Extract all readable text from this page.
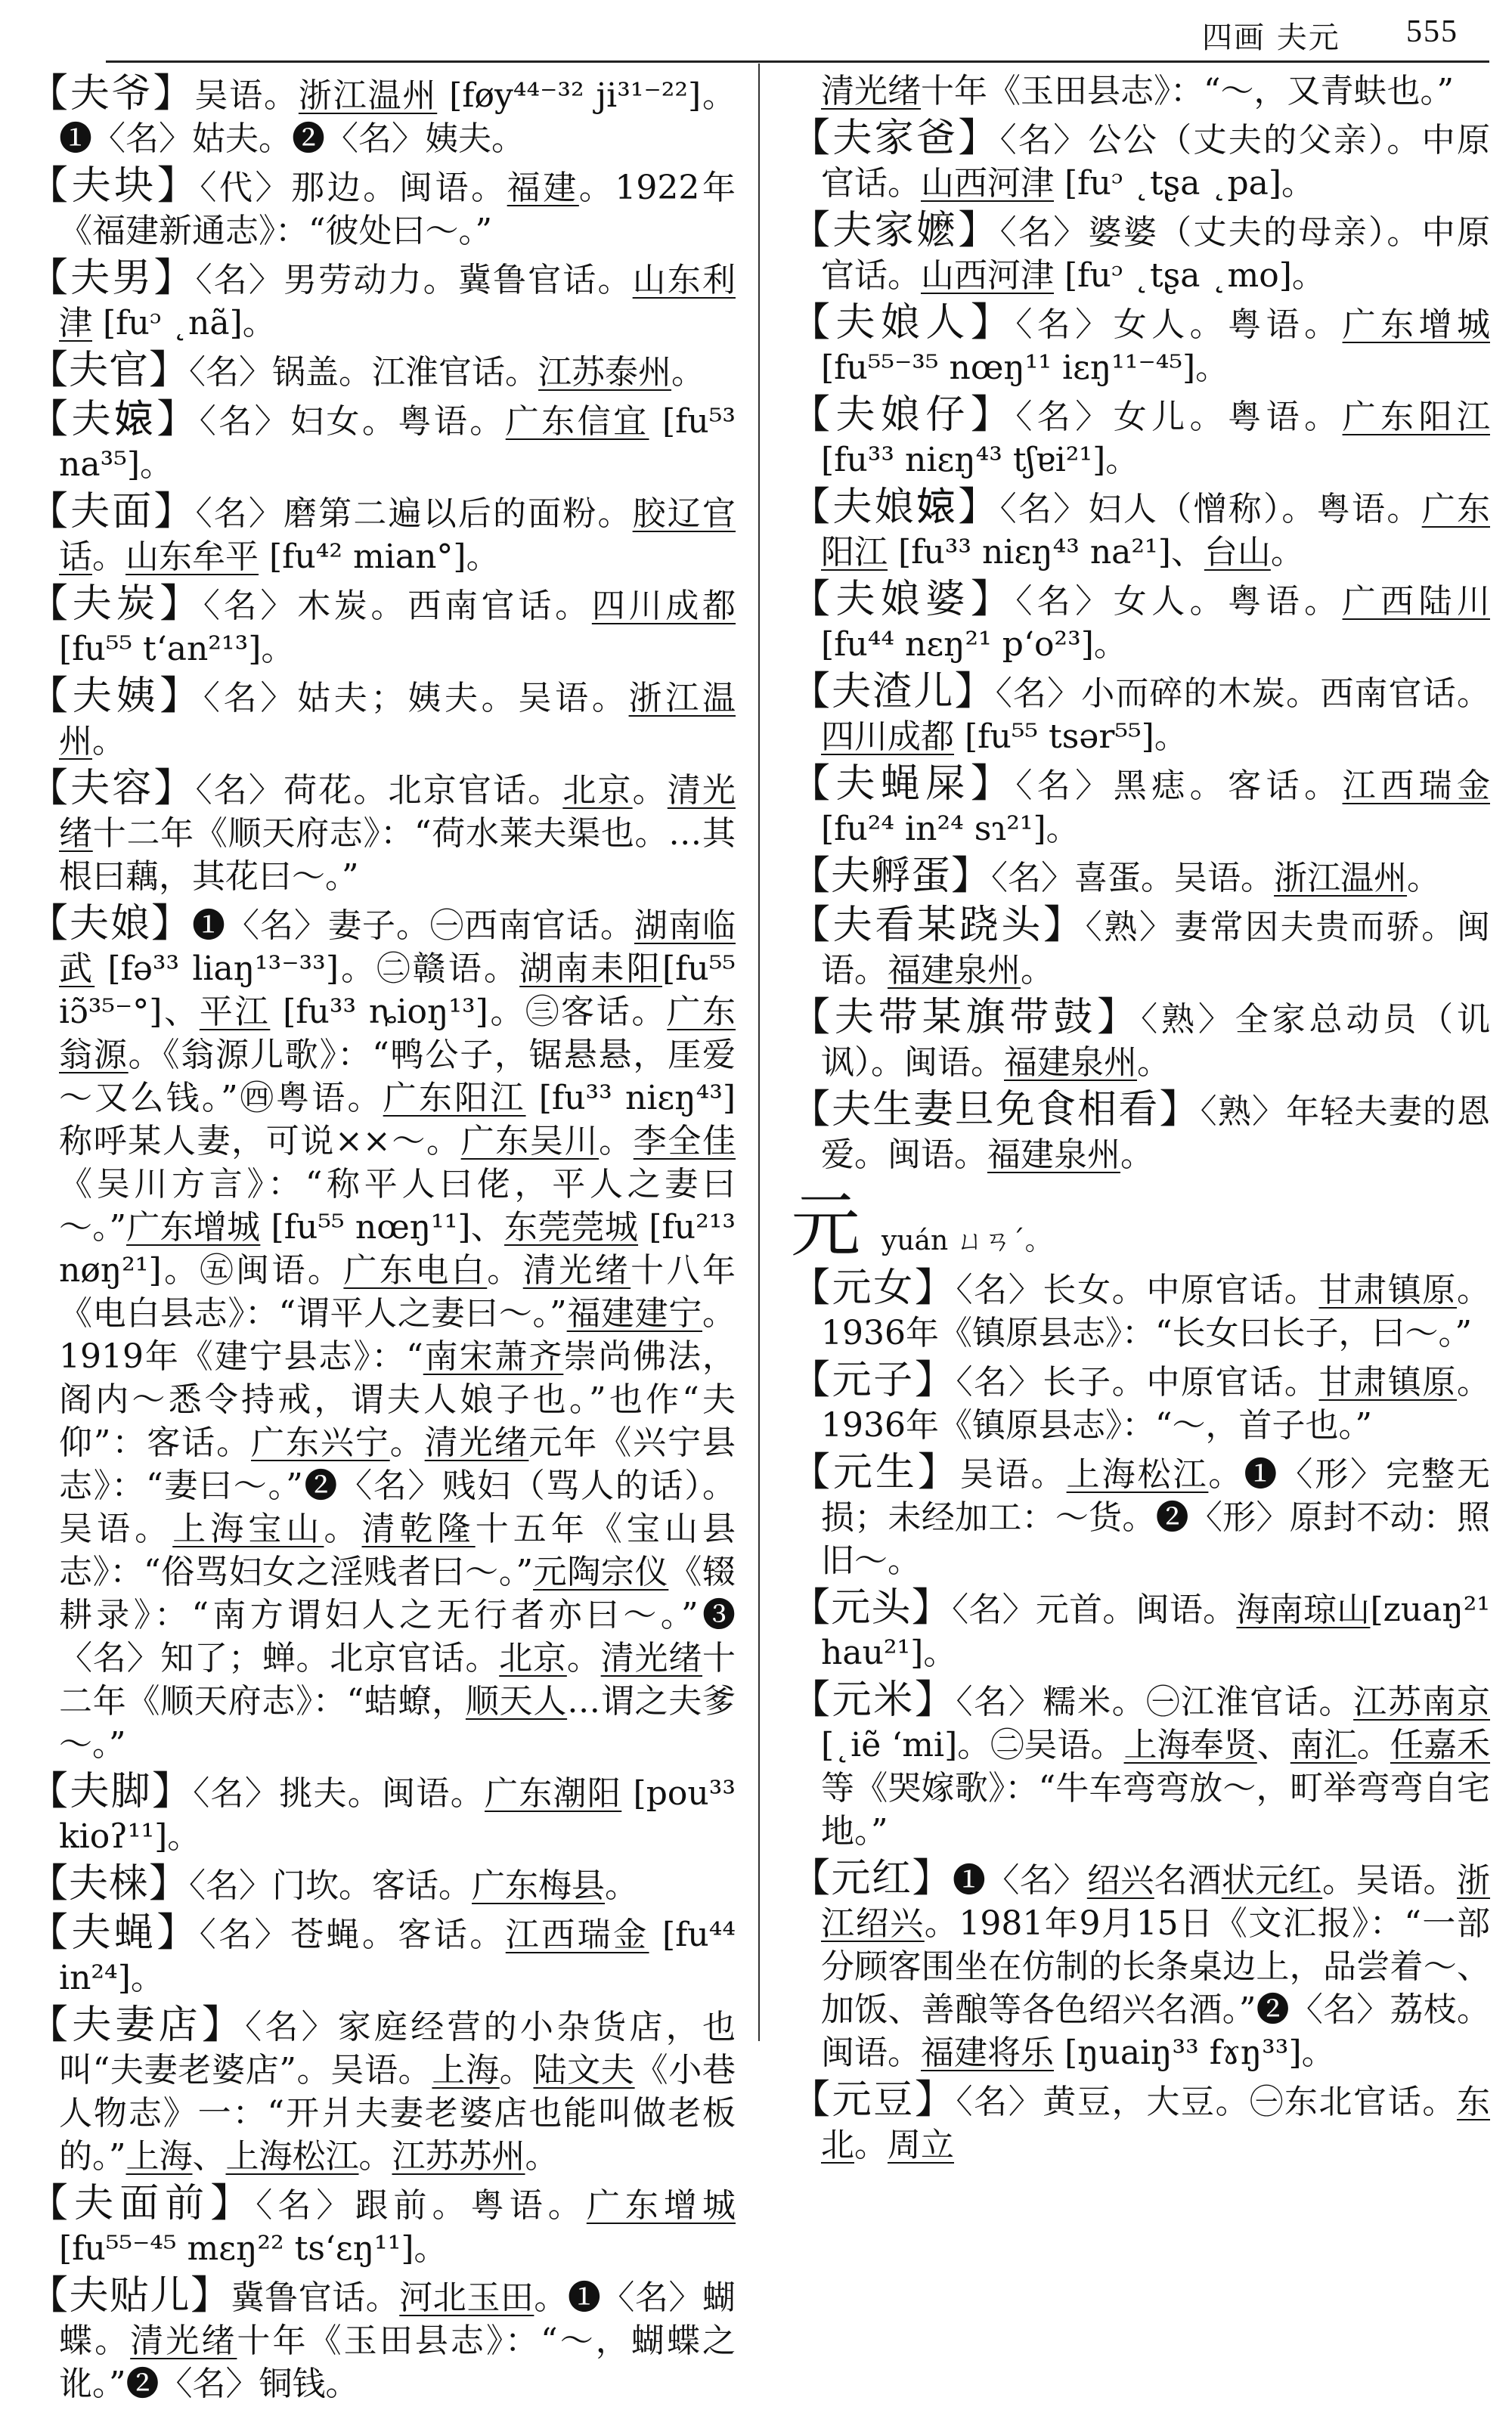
四画 夫元 555
【夫爷】吴语。浙江温州 [føy⁴⁴⁻³² ji³¹⁻²²]。❶〈名〉姑夫。❷〈名〉姨夫。
【夫块】〈代〉那边。闽语。福建。1922年《福建新通志》：“彼处曰～。”
【夫男】〈名〉男劳动力。冀鲁官话。山东利津 [fuᵓ ˛nã]。
【夫官】〈名〉锅盖。江淮官话。江苏泰州。
【夫𡟓】〈名〉妇女。粤语。广东信宜 [fu⁵³ na³⁵]。
【夫面】〈名〉磨第二遍以后的面粉。胶辽官话。山东牟平 [fu⁴² mian°]。
【夫炭】〈名〉木炭。西南官话。四川成都[fu⁵⁵ tʻan²¹³]。
【夫姨】〈名〉姑夫；姨夫。吴语。浙江温州。
【夫容】〈名〉荷花。北京官话。北京。清光绪十二年《顺天府志》：“荷水莱夫渠也。…其根曰藕，其花曰～。”
【夫娘】❶〈名〉妻子。㊀西南官话。湖南临武 [fə³³ liaŋ¹³⁻³³]。㊁赣语。湖南耒阳[fu⁵⁵ iɔ̃³⁵⁻°]、平江 [fu³³ ȵioŋ¹³]。㊂客话。广东翁源。《翁源儿歌》：“鸭公子，锯悬悬，厓爱～又么钱。”㊃粤语。广东阳江 [fu³³ niɛŋ⁴³] 称呼某人妻，可说××～。广东吴川。李全佳《吴川方言》：“称平人曰佬，平人之妻曰～。”广东增城 [fu⁵⁵ nœŋ¹¹]、东莞莞城 [fu²¹³ nøŋ²¹]。㊄闽语。广东电白。清光绪十八年《电白县志》：“谓平人之妻曰～。”福建建宁。1919年《建宁县志》：“南宋萧齐崇尚佛法，阁内～悉令持戒，谓夫人娘子也。”也作“夫仰”：客话。广东兴宁。清光绪元年《兴宁县志》：“妻曰～。”❷〈名〉贱妇（骂人的话）。吴语。上海宝山。清乾隆十五年《宝山县志》：“俗骂妇女之淫贱者曰～。”元陶宗仪《辍耕录》：“南方谓妇人之无行者亦曰～。”❸〈名〉知了；蝉。北京官话。北京。清光绪十二年《顺天府志》：“蛣蟟，顺天人…谓之夫爹～。”
【夫脚】〈名〉挑夫。闽语。广东潮阳 [pou³³ kioʔ¹¹]。
【夫梾】〈名〉门坎。客话。广东梅县。
【夫蝇】〈名〉苍蝇。客话。江西瑞金 [fu⁴⁴ in²⁴]。
【夫妻店】〈名〉家庭经营的小杂货店，也叫“夫妻老婆店”。吴语。上海。陆文夫《小巷人物志》一：“开爿夫妻老婆店也能叫做老板的。”上海、上海松江。江苏苏州。
【夫面前】〈名〉跟前。粤语。广东增城 [fu⁵⁵⁻⁴⁵ mɛŋ²² tsʻɛŋ¹¹]。
【夫贴儿】冀鲁官话。河北玉田。❶〈名〉蝴蝶。清光绪十年《玉田县志》：“～，蝴蝶之讹。”❷〈名〉铜钱。
清光绪十年《玉田县志》：“～，又青蚨也。”
【夫家爸】〈名〉公公（丈夫的父亲）。中原官话。山西河津 [fuᵓ ˛tʂa ˛pa]。
【夫家嬷】〈名〉婆婆（丈夫的母亲）。中原官话。山西河津 [fuᵓ ˛tʂa ˛mo]。
【夫娘人】〈名〉女人。粤语。广东增城 [fu⁵⁵⁻³⁵ nœŋ¹¹ iɛŋ¹¹⁻⁴⁵]。
【夫娘仔】〈名〉女儿。粤语。广东阳江 [fu³³ niɛŋ⁴³ tʃɐi²¹]。
【夫娘𡟓】〈名〉妇人（憎称）。粤语。广东阳江 [fu³³ niɛŋ⁴³ na²¹]、台山。
【夫娘婆】〈名〉女人。粤语。广西陆川 [fu⁴⁴ nɛŋ²¹ pʻo²³]。
【夫渣儿】〈名〉小而碎的木炭。西南官话。四川成都 [fu⁵⁵ tsər⁵⁵]。
【夫蝇屎】〈名〉黑痣。客话。江西瑞金 [fu²⁴ in²⁴ sɿ²¹]。
【夫孵蛋】〈名〉喜蛋。吴语。浙江温州。
【夫看某跷头】〈熟〉妻常因夫贵而骄。闽语。福建泉州。
【夫带某旗带鼓】〈熟〉全家总动员（讥讽）。闽语。福建泉州。
【夫生妻旦免食相看】〈熟〉年轻夫妻的恩爱。闽语。福建泉州。
元 yuán ㄩㄢˊ。
【元女】〈名〉长女。中原官话。甘肃镇原。1936年《镇原县志》：“长女曰长子，曰～。”
【元子】〈名〉长子。中原官话。甘肃镇原。1936年《镇原县志》：“～，首子也。”
【元生】吴语。上海松江。❶〈形〉完整无损；未经加工：～货。❷〈形〉原封不动：照旧～。
【元头】〈名〉元首。闽语。海南琼山[zuaŋ²¹ hau²¹]。
【元米】〈名〉糯米。㊀江淮官话。江苏南京 [˛iẽ ʻmi]。㊁吴语。上海奉贤、南汇。任嘉禾等《哭嫁歌》：“牛车弯弯放～，町举弯弯自宅地。”
【元红】❶〈名〉绍兴名酒状元红。吴语。浙江绍兴。1981年9月15日《文汇报》：“一部分顾客围坐在仿制的长条桌边上，品尝着～、加饭、善酿等各色绍兴名酒。”❷〈名〉荔枝。闽语。福建将乐 [ŋuaiŋ³³ fɤŋ³³]。
【元豆】〈名〉黄豆，大豆。㊀东北官话。东北。周立
